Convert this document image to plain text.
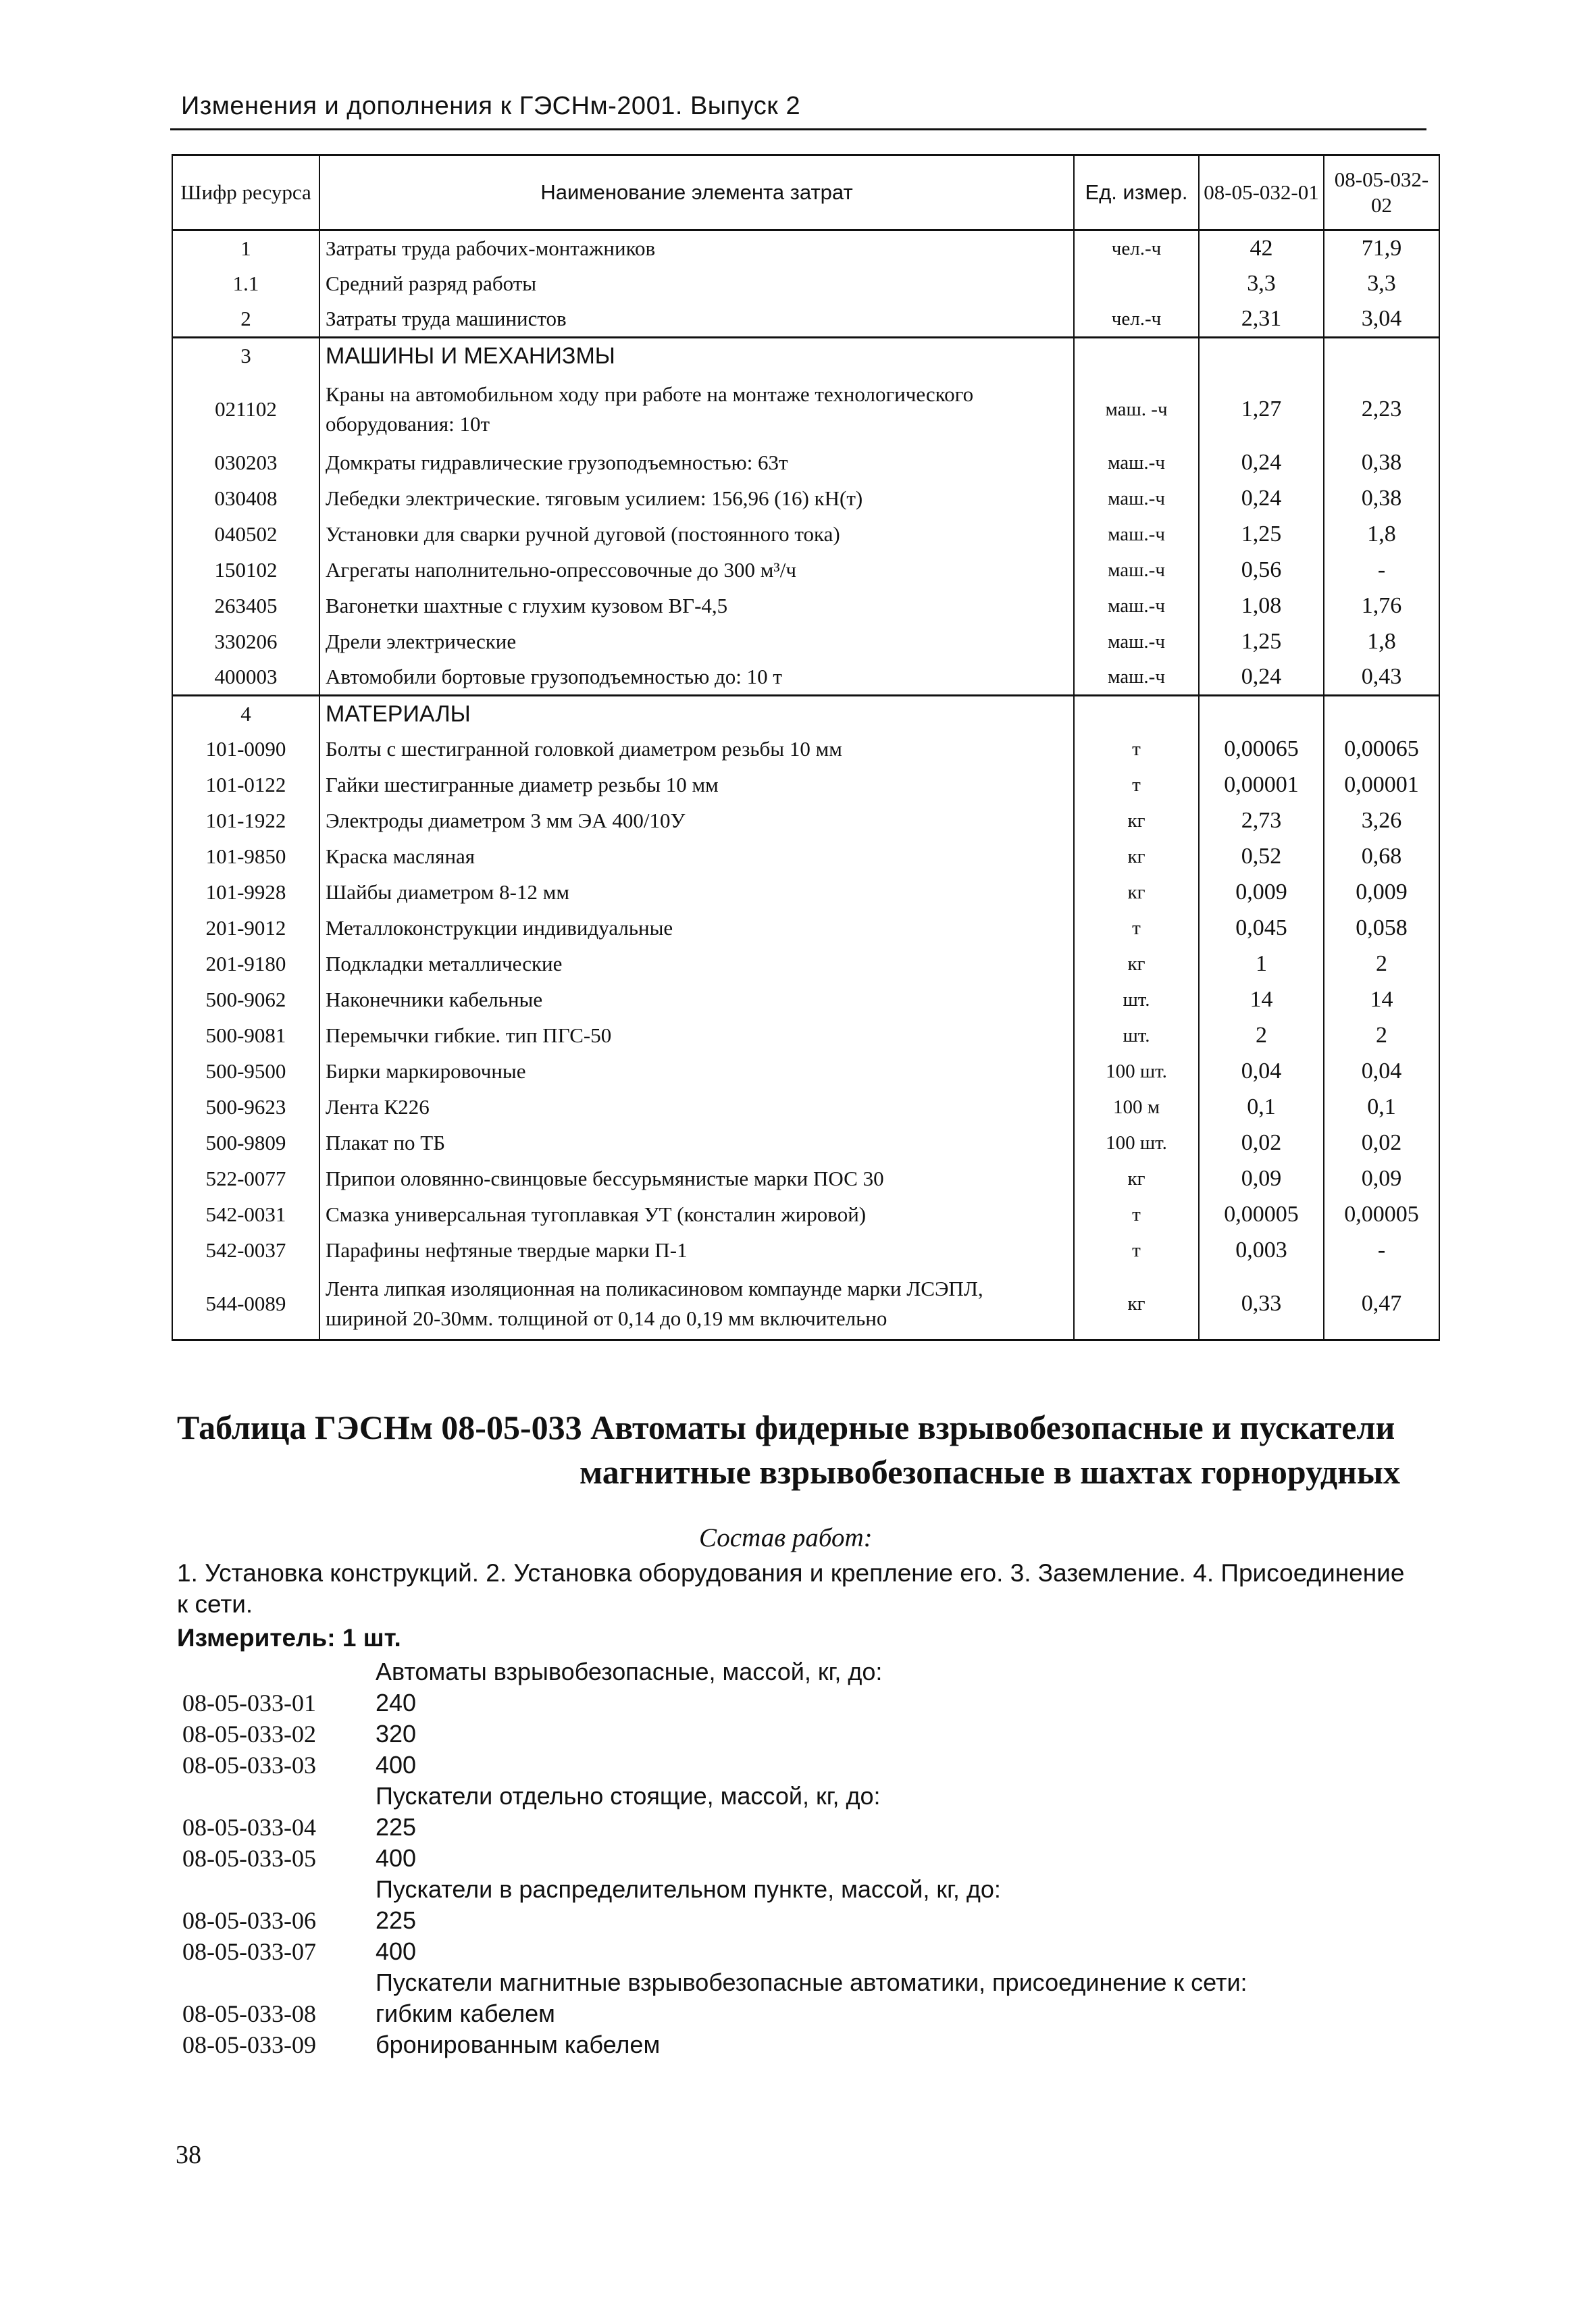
Изменения и дополнения к ГЭСНм-2001. Выпуск 2
Шифр ресурса	Наименование элемента затрат	Ед. измер.	08-05-032-01	08-05-032-02
1	Затраты труда рабочих-монтажников	чел.-ч	42	71,9
1.1	Средний разряд работы		3,3	3,3
2	Затраты труда машинистов	чел.-ч	2,31	3,04
3	МАШИНЫ И МЕХАНИЗМЫ			
021102	Краны на автомобильном ходу при работе на монтаже технологического оборудования: 10т	маш. -ч	1,27	2,23
030203	Домкраты гидравлические грузоподъемностью: 63т	маш.-ч	0,24	0,38
030408	Лебедки электрические. тяговым усилием: 156,96 (16) кН(т)	маш.-ч	0,24	0,38
040502	Установки для сварки ручной дуговой (постоянного тока)	маш.-ч	1,25	1,8
150102	Агрегаты наполнительно-опрессовочные до 300 м³/ч	маш.-ч	0,56	-
263405	Вагонетки шахтные с глухим кузовом ВГ-4,5	маш.-ч	1,08	1,76
330206	Дрели электрические	маш.-ч	1,25	1,8
400003	Автомобили бортовые грузоподъемностью до: 10 т	маш.-ч	0,24	0,43
4	МАТЕРИАЛЫ			
101-0090	Болты с шестигранной головкой диаметром резьбы 10 мм	т	0,00065	0,00065
101-0122	Гайки шестигранные диаметр резьбы 10 мм	т	0,00001	0,00001
101-1922	Электроды диаметром 3 мм ЭА 400/10У	кг	2,73	3,26
101-9850	Краска масляная	кг	0,52	0,68
101-9928	Шайбы диаметром 8-12 мм	кг	0,009	0,009
201-9012	Металлоконструкции индивидуальные	т	0,045	0,058
201-9180	Подкладки металлические	кг	1	2
500-9062	Наконечники кабельные	шт.	14	14
500-9081	Перемычки гибкие. тип ПГС-50	шт.	2	2
500-9500	Бирки маркировочные	100 шт.	0,04	0,04
500-9623	Лента К226	100 м	0,1	0,1
500-9809	Плакат по ТБ	100 шт.	0,02	0,02
522-0077	Припои оловянно-свинцовые бессурьмянистые марки ПОС 30	кг	0,09	0,09
542-0031	Смазка универсальная тугоплавкая УТ (консталин жировой)	т	0,00005	0,00005
542-0037	Парафины нефтяные твердые марки П-1	т	0,003	-
544-0089	Лента липкая изоляционная на поликасиновом компаунде марки ЛСЭПЛ, шириной 20-30мм. толщиной от 0,14 до 0,19 мм включительно	кг	0,33	0,47
Таблица ГЭСНм 08-05-033 Автоматы фидерные взрывобезопасные и пускатели
магнитные взрывобезопасные в шахтах горнорудных
Состав работ:
1. Установка конструкций. 2. Установка оборудования и крепление его. 3. Заземление. 4. Присоединение к сети.
Измеритель: 1 шт.
Автоматы взрывобезопасные, массой, кг, до:
08-05-033-01 240
08-05-033-02 320
08-05-033-03 400
Пускатели отдельно стоящие, массой, кг, до:
08-05-033-04 225
08-05-033-05 400
Пускатели в распределительном пункте, массой, кг, до:
08-05-033-06 225
08-05-033-07 400
Пускатели магнитные взрывобезопасные автоматики, присоединение к сети:
08-05-033-08 гибким кабелем
08-05-033-09 бронированным кабелем
38
